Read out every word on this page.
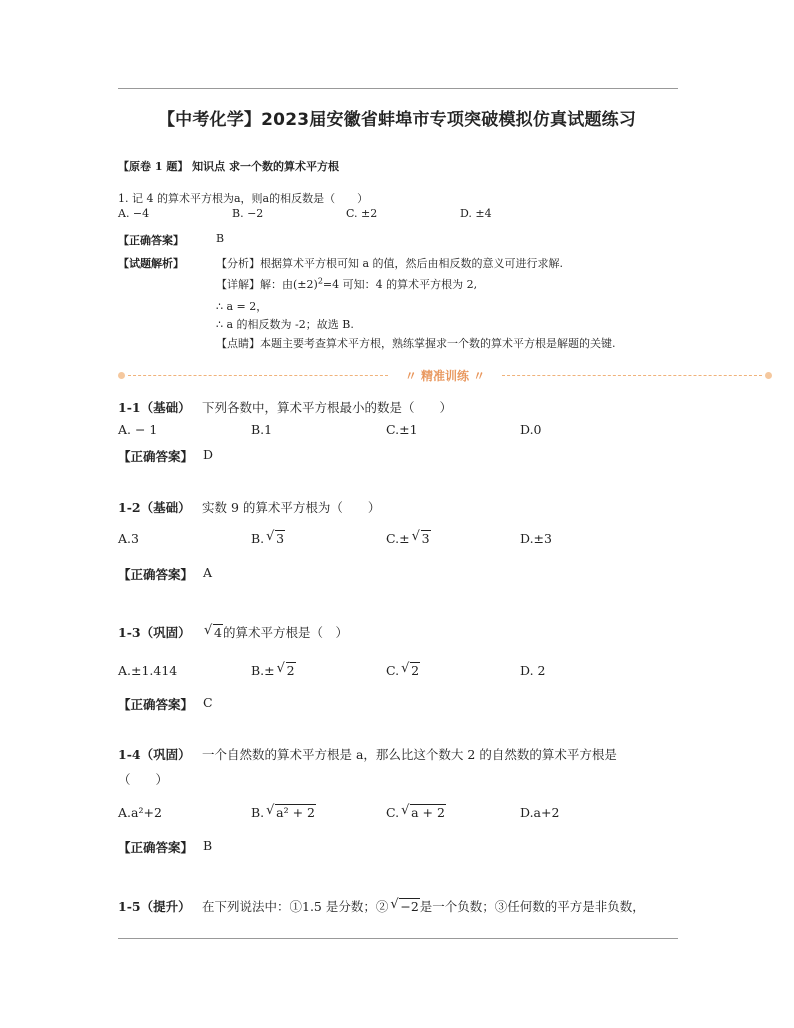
【中考化学】2023届安徽省蚌埠市专项突破模拟仿真试题练习
【原卷 1 题】 知识点 求一个数的算术平方根
1. 记 4 的算术平方根为a，则a的相反数是（　　）
A. −4	B. −2	C. ±2	D. ±4
【正确答案】	B
【试题解析】	【分析】根据算术平方根可知 a 的值，然后由相反数的意义可进行求解.
【详解】解：由$(\pm 2)^2=4$ 可知：4 的算术平方根为 2,
∴ a = 2，
∴ a 的相反数为 -2；故选 B.
【点睛】本题主要考查算术平方根，熟练掌握求一个数的算术平方根是解题的关键.
〃 精准训练 〃
1-1（基础） 下列各数中，算术平方根最小的数是（　　）
A. − 1	B.1	C.±1	D.0
【正确答案】 D
1-2（基础） 实数 9 的算术平方根为（　　）
A.3	B. √ 3	C.± √ 3	D.±3
【正确答案】 A
1-3（巩固）	√ 4的算术平方根是（　）
A.±1.414	B.± √ 2	C. √ 2	D. 2
【正确答案】 C
1-4（巩固） 一个自然数的算术平方根是 a，那么比这个数大 2 的自然数的算术平方根是
（　　）
A.a²+2	B. √ a² + 2	C. √ a + 2	D.a+2
【正确答案】 B
1-5（提升） 在下列说法中：①1.5 是分数；② √ −2是一个负数；③任何数的平方是非负数，
